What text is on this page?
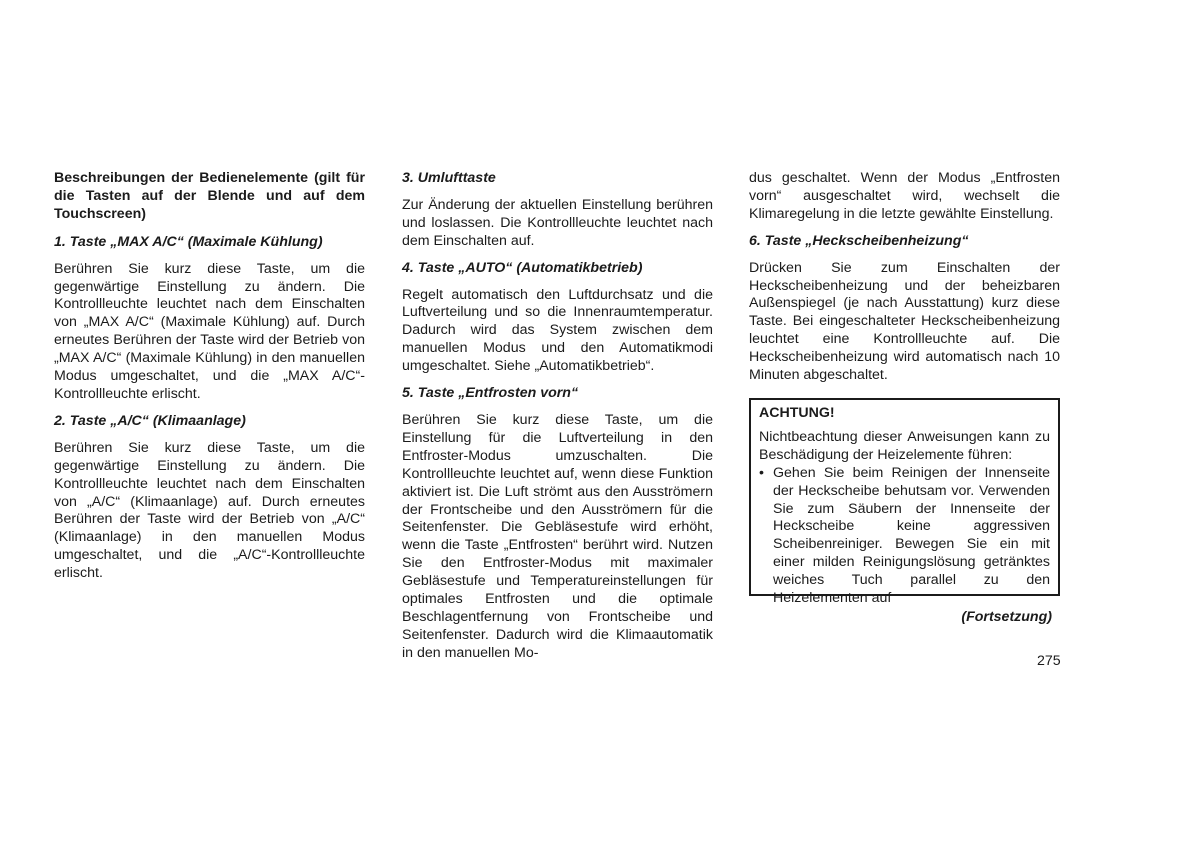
Beschreibungen der Bedienelemente (gilt für die Tasten auf der Blende und auf dem Touchscreen)
1. Taste „MAX A/C“ (Maximale Kühlung)

Berühren Sie kurz diese Taste, um die gegenwärtige Einstellung zu ändern. Die Kontrollleuchte leuchtet nach dem Einschalten von „MAX A/C“ (Maximale Kühlung) auf. Durch erneutes Berühren der Taste wird der Betrieb von „MAX A/C“ (Maximale Kühlung) in den manuellen Modus umgeschaltet, und die „MAX A/C“-Kontrollleuchte erlischt.

2. Taste „A/C“ (Klimaanlage)

Berühren Sie kurz diese Taste, um die gegenwärtige Einstellung zu ändern. Die Kontrollleuchte leuchtet nach dem Einschalten von „A/C“ (Klimaanlage) auf. Durch erneutes Berühren der Taste wird der Betrieb von „A/C“ (Klimaanlage) in den manuellen Modus umgeschaltet, und die „A/C“-Kontrollleuchte erlischt.

3. Umlufttaste

Zur Änderung der aktuellen Einstellung berühren und loslassen. Die Kontrollleuchte leuchtet nach dem Einschalten auf.

4. Taste „AUTO“ (Automatikbetrieb)

Regelt automatisch den Luftdurchsatz und die Luftverteilung und so die Innenraumtemperatur. Dadurch wird das System zwischen dem manuellen Modus und den Automatikmodi umgeschaltet. Siehe „Automatikbetrieb“.

5. Taste „Entfrosten vorn“

Berühren Sie kurz diese Taste, um die Einstellung für die Luftverteilung in den Entfroster-Modus umzuschalten. Die Kontrollleuchte leuchtet auf, wenn diese Funktion aktiviert ist. Die Luft strömt aus den Ausströmern der Frontscheibe und den Ausströmern für die Seitenfenster. Die Gebläsestufe wird erhöht, wenn die Taste „Entfrosten“ berührt wird. Nutzen Sie den Entfroster-Modus mit maximaler Gebläsestufe und Temperatureinstellungen für optimales Entfrosten und die optimale Beschlagentfernung von Frontscheibe und Seitenfenster. Dadurch wird die Klimaautomatik in den manuellen Mo-

dus geschaltet. Wenn der Modus „Entfrosten vorn“ ausgeschaltet wird, wechselt die Klimaregelung in die letzte gewählte Einstellung.

6. Taste „Heckscheibenheizung“

Drücken Sie zum Einschalten der Heckscheibenheizung und der beheizbaren Außenspiegel (je nach Ausstattung) kurz diese Taste. Bei eingeschalteter Heckscheibenheizung leuchtet eine Kontrollleuchte auf. Die Heckscheibenheizung wird automatisch nach 10 Minuten abgeschaltet.

ACHTUNG!

Nichtbeachtung dieser Anweisungen kann zu Beschädigung der Heizelemente führen:

• Gehen Sie beim Reinigen der Innenseite der Heckscheibe behutsam vor. Verwenden Sie zum Säubern der Innenseite der Heckscheibe keine aggressiven Scheibenreiniger. Bewegen Sie ein mit einer milden Reinigungslösung getränktes weiches Tuch parallel zu den Heizelementen auf
(Fortsetzung)
275
